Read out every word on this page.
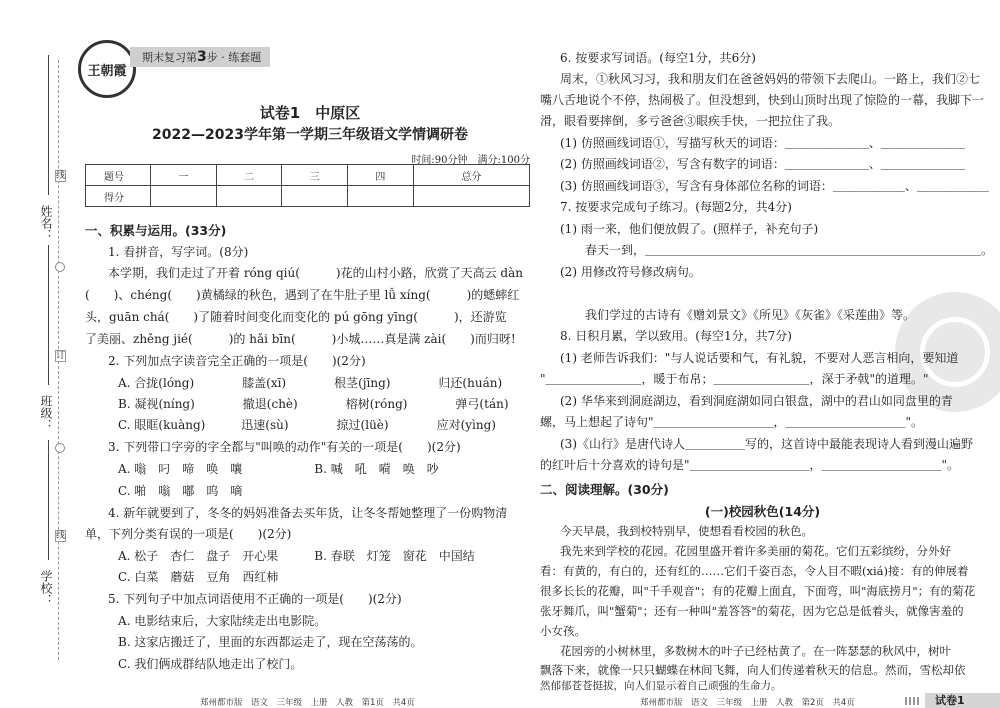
姓名：
班级：
学校：
线
订
线
王朝霞
期末复习第3步 · 练套题
试卷1　中原区
2022—2023学年第一学期三年级语文学情调研卷
时间:90分钟　满分:100分
题号	一	二	三	四	总分
得分					
一、积累与运用。(33分)
1. 看拼音，写字词。(8分)
本学期，我们走过了开着 róng qiú(　　　)花的山村小路，欣赏了天高云 dàn
(　　)、chéng(　　)黄橘绿的秋色，遇到了在牛肚子里 lǚ xíng(　　　)的蟋蟀红
头，guān chá(　　)了随着时间变化而变化的 pú gōng yīng(　　　)，还游览
了美丽、zhěng jié(　　　)的 hǎi bīn(　　　)小城……真是满 zài(　　)而归呀!
2. 下列加点字读音完全正确的一项是(　　)(2分)
A. 合拢(lóng)　　　　膝盖(xī)　　　　根茎(jīng)　　　　归还(huán)
B. 凝视(níng)　　　　撤退(chè)　　　　榕树(róng)　　　　弹弓(tán)
C. 眼眶(kuàng)　　　迅速(sù)　　　　掠过(lüè)　　　　应对(yìng)
3. 下列带口字旁的字全都与"叫唤的动作"有关的一项是(　　)(2分)
A. 嗡　叼　啼　唤　嚷　　　　　　B. 喊　吼　嗬　唤　吵
C. 啪　嗡　嘟　呜　嘀
4. 新年就要到了，冬冬的妈妈准备去买年货，让冬冬帮她整理了一份购物清
单，下列分类有误的一项是(　　)(2分)
A. 松子　杏仁　盘子　开心果　　　B. 春联　灯笼　窗花　中国结
C. 白菜　蘑菇　豆角　西红柿
5. 下列句子中加点词语使用不正确的一项是(　　)(2分)
A. 电影结束后，大家陆续走出电影院。
B. 这家店搬迁了，里面的东西都运走了，现在空荡荡的。
C. 我们俩成群结队地走出了校门。
6. 按要求写词语。(每空1分，共6分)
周末，①秋风习习，我和朋友们在爸爸妈妈的带领下去爬山。一路上，我们②七
嘴八舌地说个不停，热闹极了。但没想到，快到山顶时出现了惊险的一幕，我脚下一
滑，眼看要摔倒，多亏爸爸③眼疾手快，一把拉住了我。
(1) 仿照画线词语①，写描写秋天的词语：＿＿＿＿＿＿＿、＿＿＿＿＿＿＿
(2) 仿照画线词语②，写含有数字的词语：＿＿＿＿＿＿＿、＿＿＿＿＿＿＿
(3) 仿照画线词语③，写含有身体部位名称的词语：＿＿＿＿＿＿、＿＿＿＿＿＿
7. 按要求完成句子练习。(每题2分，共4分)
(1) 雨一来，他们便放假了。(照样子，补充句子)
春天一到，＿＿＿＿＿＿＿＿＿＿＿＿＿＿＿＿＿＿＿＿＿＿＿＿＿＿＿＿。
(2) 用修改符号修改病句。
我们学过的古诗有《赠刘景文》《所见》《灰雀》《采莲曲》等。
8. 日积月累，学以致用。(每空1分，共7分)
(1) 老师告诉我们："与人说话要和气，有礼貌，不要对人恶言相向，要知道
"＿＿＿＿＿＿＿＿，暖于布帛；＿＿＿＿＿＿＿＿，深于矛戟"的道理。"
(2) 华华来到洞庭湖边，看到洞庭湖如同白银盘，湖中的君山如同盘里的青
螺，马上想起了诗句"＿＿＿＿＿＿＿＿＿＿，＿＿＿＿＿＿＿＿＿＿"。
(3)《山行》是唐代诗人＿＿＿＿＿写的，这首诗中最能表现诗人看到漫山遍野
的红叶后十分喜欢的诗句是"＿＿＿＿＿＿＿＿＿＿，＿＿＿＿＿＿＿＿＿＿"。
二、阅读理解。(30分)
(一)校园秋色(14分)
今天早晨，我到校特别早，使想看看校园的秋色。
我先来到学校的花园。花园里盛开着许多美丽的菊花。它们五彩缤纷，分外好
看：有黄的，有白的，还有红的……它们千姿百态，令人目不暇(xiá)接：有的伸展着
很多长长的花瓣，叫"千手观音"；有的花瓣上面直，下面弯，叫"海底捞月"；有的菊花
张牙舞爪，叫"蟹菊"；还有一种叫"羞答答"的菊花，因为它总是低着头，就像害羞的
小女孩。
花园旁的小树林里，多数树木的叶子已经枯黄了。在一阵瑟瑟的秋风中，树叶
飘落下来，就像一只只蝴蝶在林间飞舞，向人们传递着秋天的信息。然而，雪松却依
然郁郁苍苍挺拔，向人们显示着自己顽强的生命力。
郑州都市版　语文　三年级　上册　人教　第1页　共4页	郑州都市版　语文　三年级　上册　人教　第2页　共4页	试卷1
